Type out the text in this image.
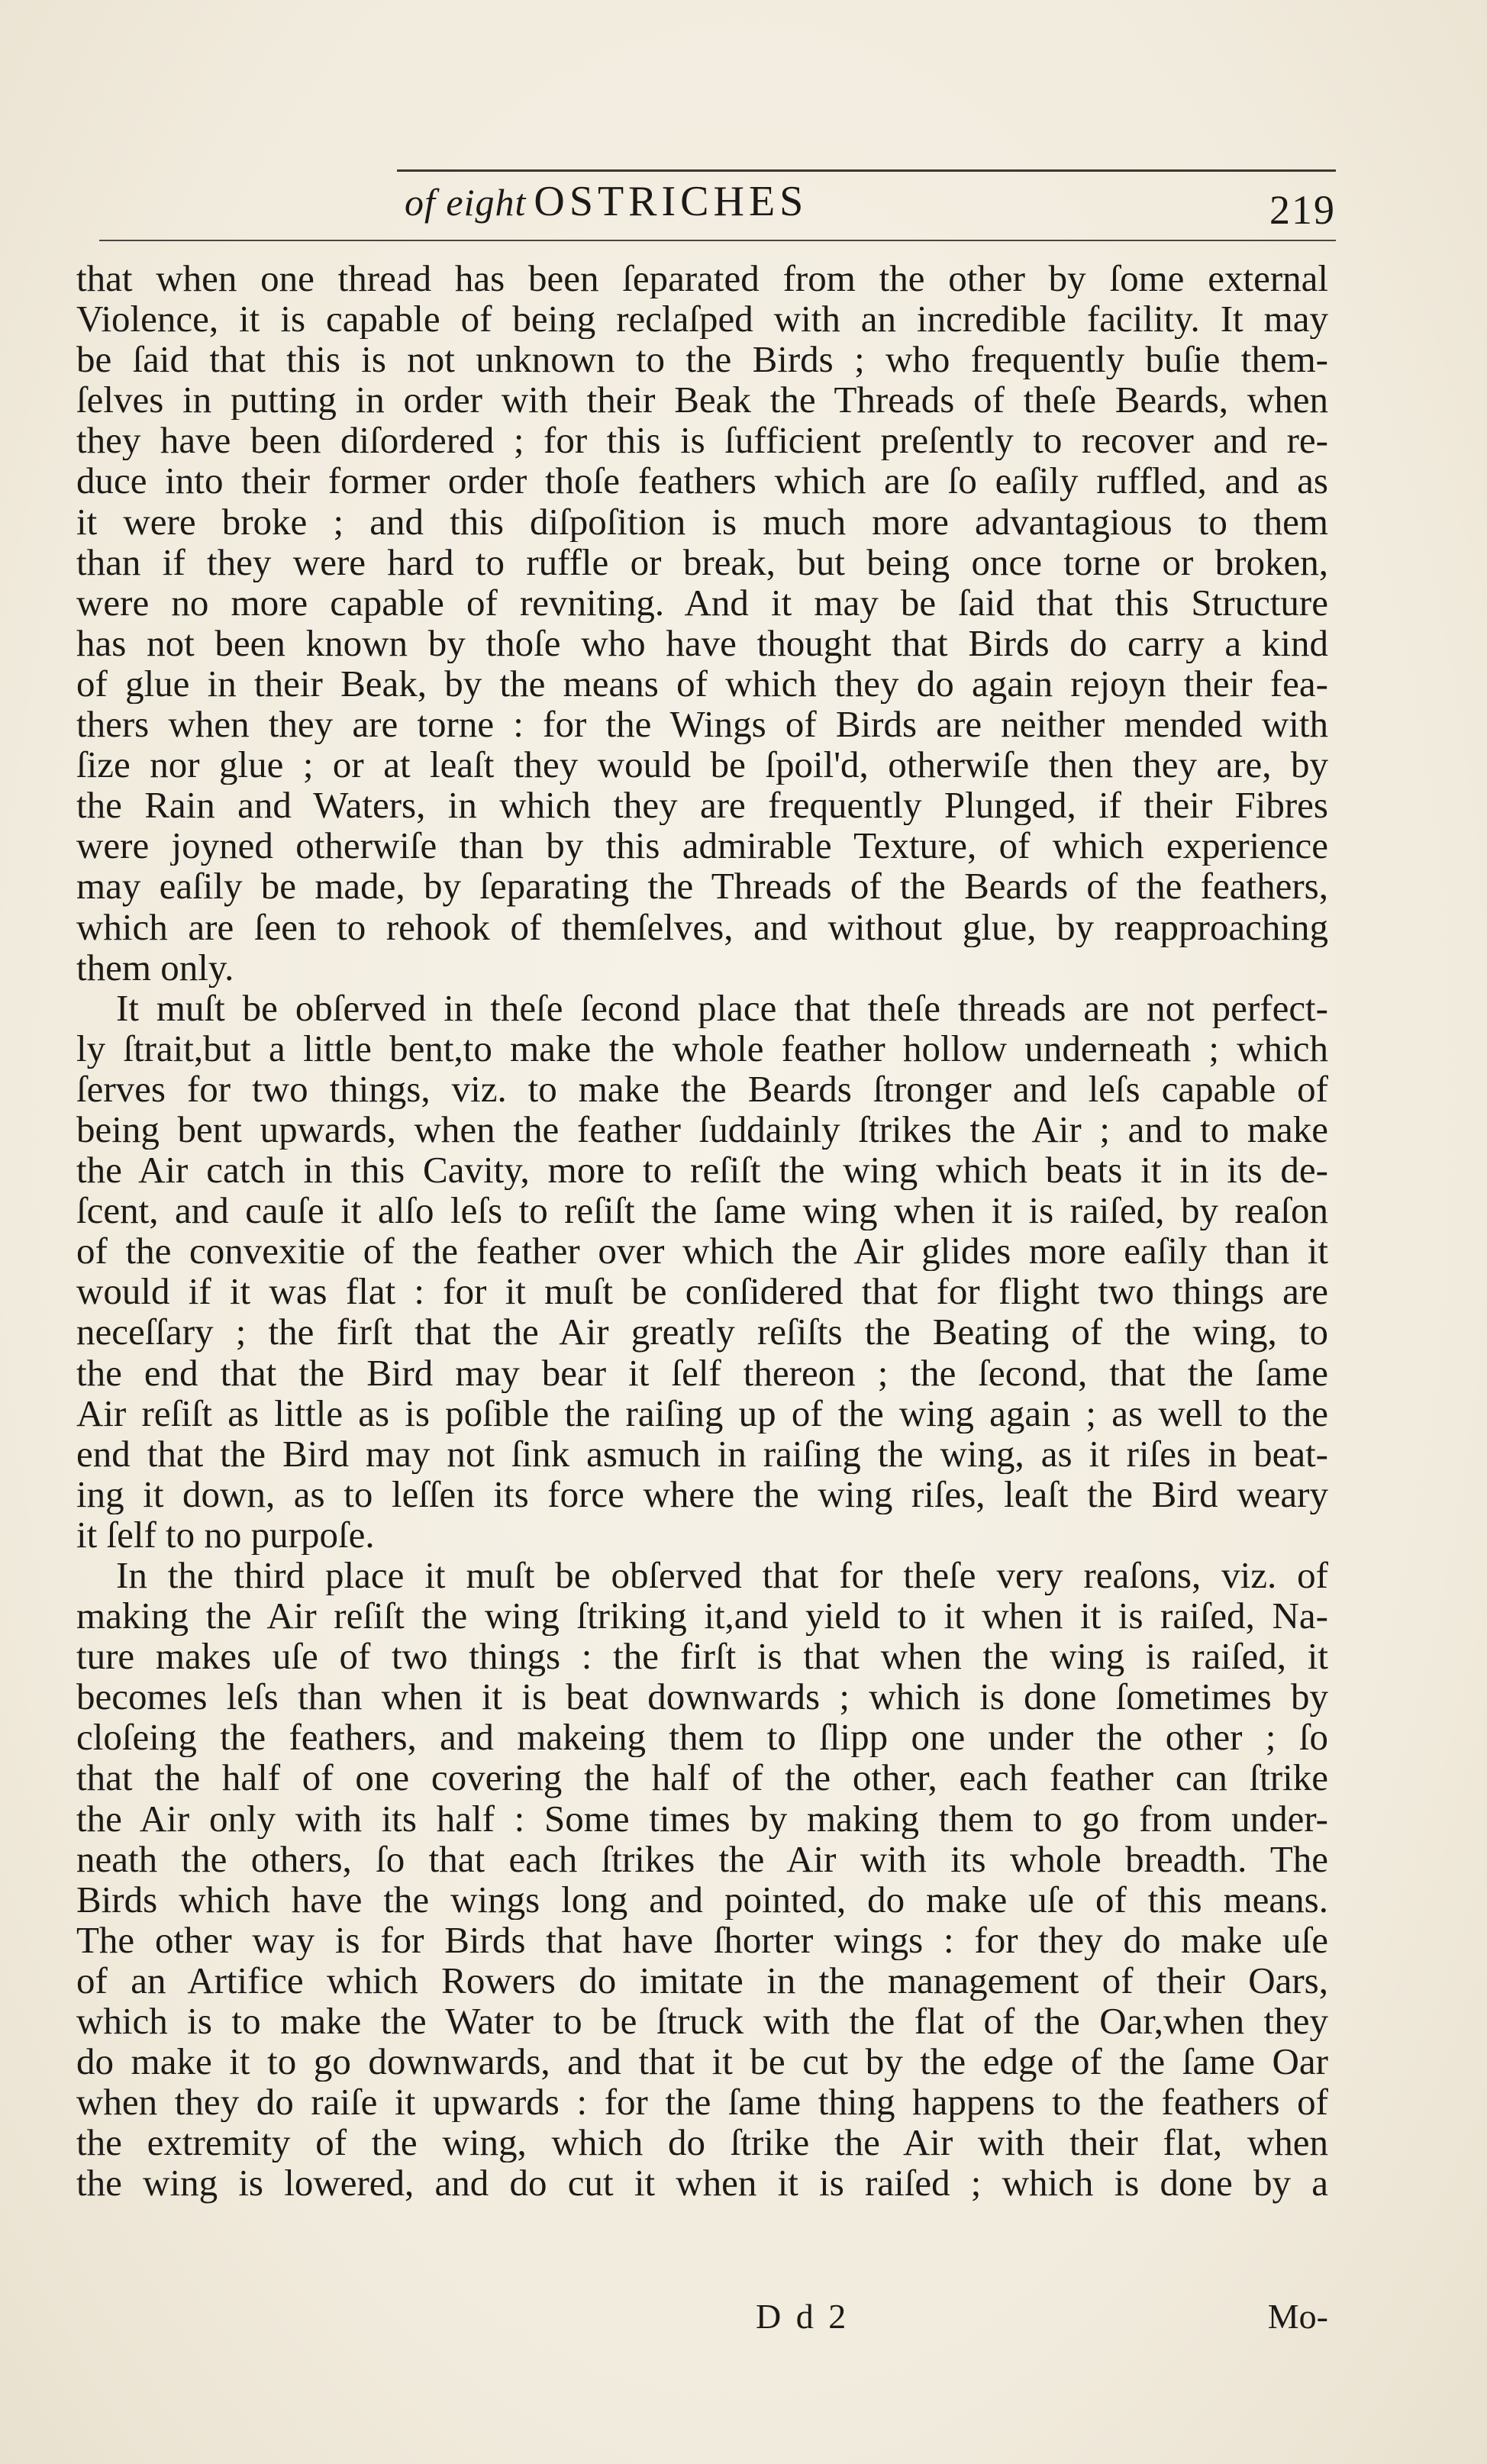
of eight OSTRICHES	219
that when one thread has been ſeparated from the other by ſome external
Violence, it is capable of being reclaſped with an incredible facility. It may
be ſaid that this is not unknown to the Birds ; who frequently buſie them-
ſelves in putting in order with their Beak the Threads of theſe Beards, when
they have been diſordered ; for this is ſufficient preſently to recover and re-
duce into their former order thoſe feathers which are ſo eaſily ruffled, and as
it were broke ; and this diſpoſition is much more advantagious to them
than if they were hard to ruffle or break, but being once torne or broken,
were no more capable of revniting. And it may be ſaid that this Structure
has not been known by thoſe who have thought that Birds do carry a kind
of glue in their Beak, by the means of which they do again rejoyn their fea-
thers when they are torne : for the Wings of Birds are neither mended with
ſize nor glue ; or at leaſt they would be ſpoil'd, otherwiſe then they are, by
the Rain and Waters, in which they are frequently Plunged, if their Fibres
were joyned otherwiſe than by this admirable Texture, of which experience
may eaſily be made, by ſeparating the Threads of the Beards of the feathers,
which are ſeen to rehook of themſelves, and without glue, by reapproaching
them only.
It muſt be obſerved in theſe ſecond place that theſe threads are not perfect-
ly ſtrait,but a little bent,to make the whole feather hollow underneath ; which
ſerves for two things, viz. to make the Beards ſtronger and leſs capable of
being bent upwards, when the feather ſuddainly ſtrikes the Air ; and to make
the Air catch in this Cavity, more to reſiſt the wing which beats it in its de-
ſcent, and cauſe it alſo leſs to reſiſt the ſame wing when it is raiſed, by reaſon
of the convexitie of the feather over which the Air glides more eaſily than it
would if it was flat : for it muſt be conſidered that for flight two things are
neceſſary ; the firſt that the Air greatly reſiſts the Beating of the wing, to
the end that the Bird may bear it ſelf thereon ; the ſecond, that the ſame
Air reſiſt as little as is poſible the raiſing up of the wing again ; as well to the
end that the Bird may not ſink asmuch in raiſing the wing, as it riſes in beat-
ing it down, as to leſſen its force where the wing riſes, leaſt the Bird weary
it ſelf to no purpoſe.
In the third place it muſt be obſerved that for theſe very reaſons, viz. of
making the Air reſiſt the wing ſtriking it,and yield to it when it is raiſed, Na-
ture makes uſe of two things : the firſt is that when the wing is raiſed, it
becomes leſs than when it is beat downwards ; which is done ſometimes by
cloſeing the feathers, and makeing them to ſlipp one under the other ; ſo
that the half of one covering the half of the other, each feather can ſtrike
the Air only with its half : Some times by making them to go from under-
neath the others, ſo that each ſtrikes the Air with its whole breadth. The
Birds which have the wings long and pointed, do make uſe of this means.
The other way is for Birds that have ſhorter wings : for they do make uſe
of an Artifice which Rowers do imitate in the management of their Oars,
which is to make the Water to be ſtruck with the flat of the Oar,when they
do make it to go downwards, and that it be cut by the edge of the ſame Oar
when they do raiſe it upwards : for the ſame thing happens to the feathers of
the extremity of the wing, which do ſtrike the Air with their flat, when
the wing is lowered, and do cut it when it is raiſed ; which is done by a
D d 2	Mo-
